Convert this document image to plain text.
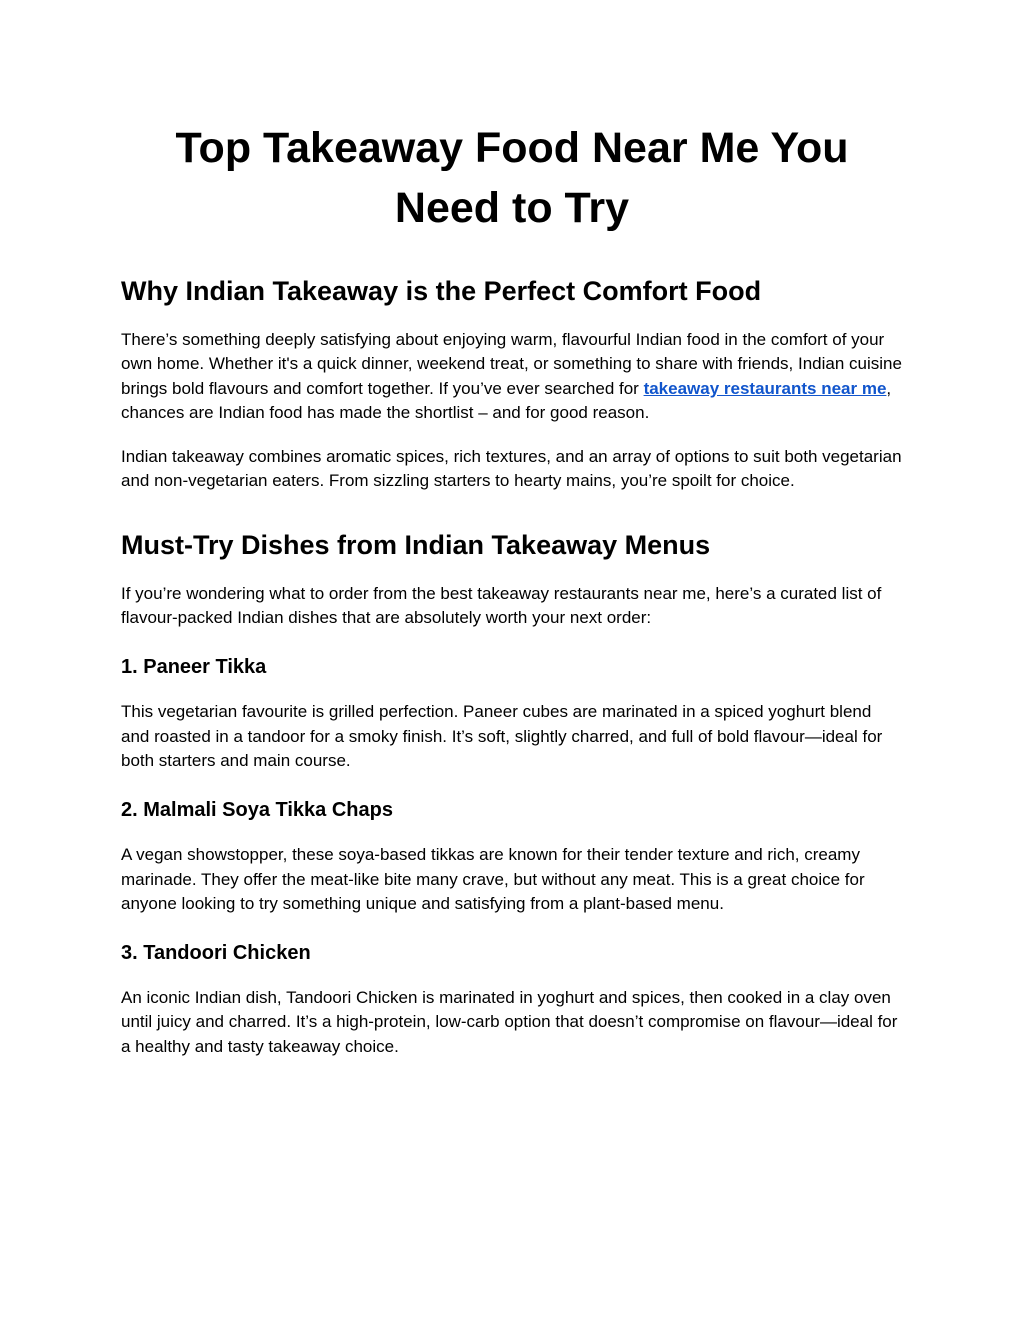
Top Takeaway Food Near Me You Need to Try
Why Indian Takeaway is the Perfect Comfort Food

There’s something deeply satisfying about enjoying warm, flavourful Indian food in the comfort of your own home. Whether it's a quick dinner, weekend treat, or something to share with friends, Indian cuisine brings bold flavours and comfort together. If you’ve ever searched for takeaway restaurants near me, chances are Indian food has made the shortlist – and for good reason.

Indian takeaway combines aromatic spices, rich textures, and an array of options to suit both vegetarian and non-vegetarian eaters. From sizzling starters to hearty mains, you’re spoilt for choice.

Must-Try Dishes from Indian Takeaway Menus

If you’re wondering what to order from the best takeaway restaurants near me, here’s a curated list of flavour-packed Indian dishes that are absolutely worth your next order:

1. Paneer Tikka

This vegetarian favourite is grilled perfection. Paneer cubes are marinated in a spiced yoghurt blend and roasted in a tandoor for a smoky finish. It’s soft, slightly charred, and full of bold flavour—ideal for both starters and main course.

2. Malmali Soya Tikka Chaps

A vegan showstopper, these soya-based tikkas are known for their tender texture and rich, creamy marinade. They offer the meat-like bite many crave, but without any meat. This is a great choice for anyone looking to try something unique and satisfying from a plant-based menu.

3. Tandoori Chicken

An iconic Indian dish, Tandoori Chicken is marinated in yoghurt and spices, then cooked in a clay oven until juicy and charred. It’s a high-protein, low-carb option that doesn’t compromise on flavour—ideal for a healthy and tasty takeaway choice.
